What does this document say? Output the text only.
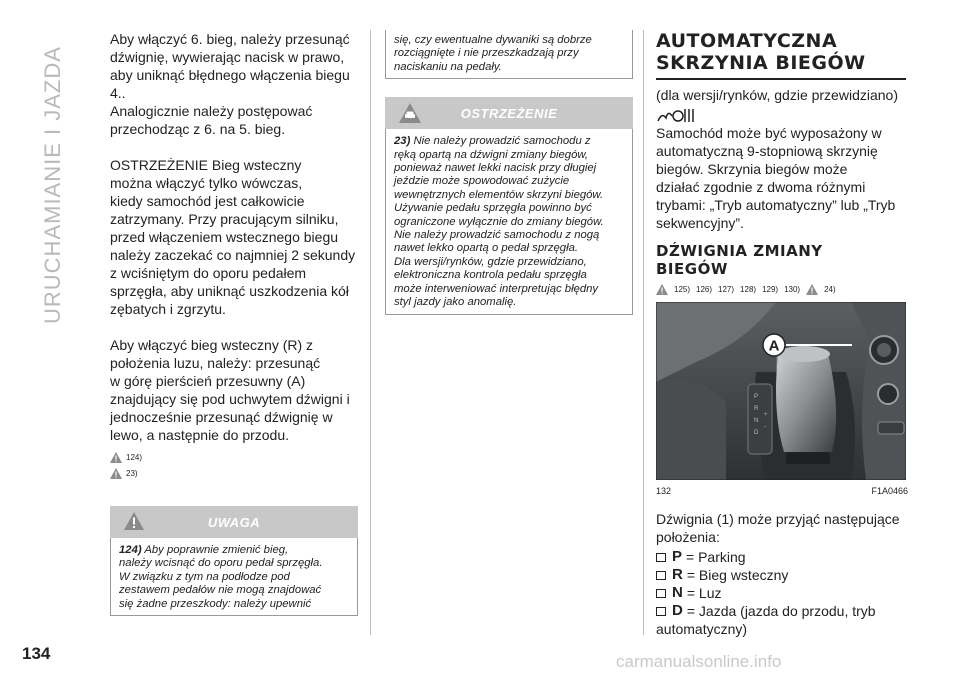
URUCHAMIANIE I JAZDA
134	carmanualsonline.info

Aby włączyć 6. bieg, należy przesunąć

dźwignię, wywierając nacisk w prawo,

aby uniknąć błędnego włączenia biegu

4..

Analogicznie należy postępować

przechodząc z 6. na 5. bieg.

OSTRZEŻENIE Bieg wsteczny

można włączyć tylko wówczas,

kiedy samochód jest całkowicie

zatrzymany. Przy pracującym silniku,

przed włączeniem wstecznego biegu

należy zaczekać co najmniej 2 sekundy

z wciśniętym do oporu pedałem

sprzęgła, aby uniknąć uszkodzenia kół

zębatych i zgrzytu.

Aby włączyć bieg wsteczny (R) z

położenia luzu, należy: przesunąć

w górę pierścień przesuwny (A)

znajdujący się pod uchwytem dźwigni i

jednocześnie przesunąć dźwignię w

lewo, a następnie do przodu.

124)
23)
UWAGA

124) Aby poprawnie zmienić bieg,

należy wcisnąć do oporu pedał sprzęgła.

W związku z tym na podłodze pod

zestawem pedałów nie mogą znajdować

się żadne przeszkody: należy upewnić

się, czy ewentualne dywaniki są dobrze

rozciągnięte i nie przeszkadzają przy

naciskaniu na pedały.

OSTRZEŻENIE

23) Nie należy prowadzić samochodu z

ręką opartą na dźwigni zmiany biegów,

ponieważ nawet lekki nacisk przy długiej

jeździe może spowodować zużycie

wewnętrznych elementów skrzyni biegów.

Używanie pedału sprzęgła powinno być

ograniczone wyłącznie do zmiany biegów.

Nie należy prowadzić samochodu z nogą

nawet lekko opartą o pedał sprzęgła.

Dla wersji/rynków, gdzie przewidziano,

elektroniczna kontrola pedału sprzęgła

może interweniować interpretując błędny

styl jazdy jako anomalię.

AUTOMATYCZNA
SKRZYNIA BIEGÓW
(dla wersji/rynków, gdzie przewidziano)

Samochód może być wyposażony w

automatyczną 9-stopniową skrzynię

biegów. Skrzynia biegów może

działać zgodnie z dwoma różnymi

trybami: „Tryb automatyczny” lub „Tryb

sekwencyjny”.

DŹWIGNIA ZMIANY
BIEGÓW
125) 126) 127) 128) 129) 130)	24)
P
R
N
D
+
-
A
132	F1A0466

Dźwignia (1) może przyjąć następujące

położenia:

P = Parking
R = Bieg wsteczny
N = Luz
D = Jazda (jazda do przodu, tryb
automatyczny)
